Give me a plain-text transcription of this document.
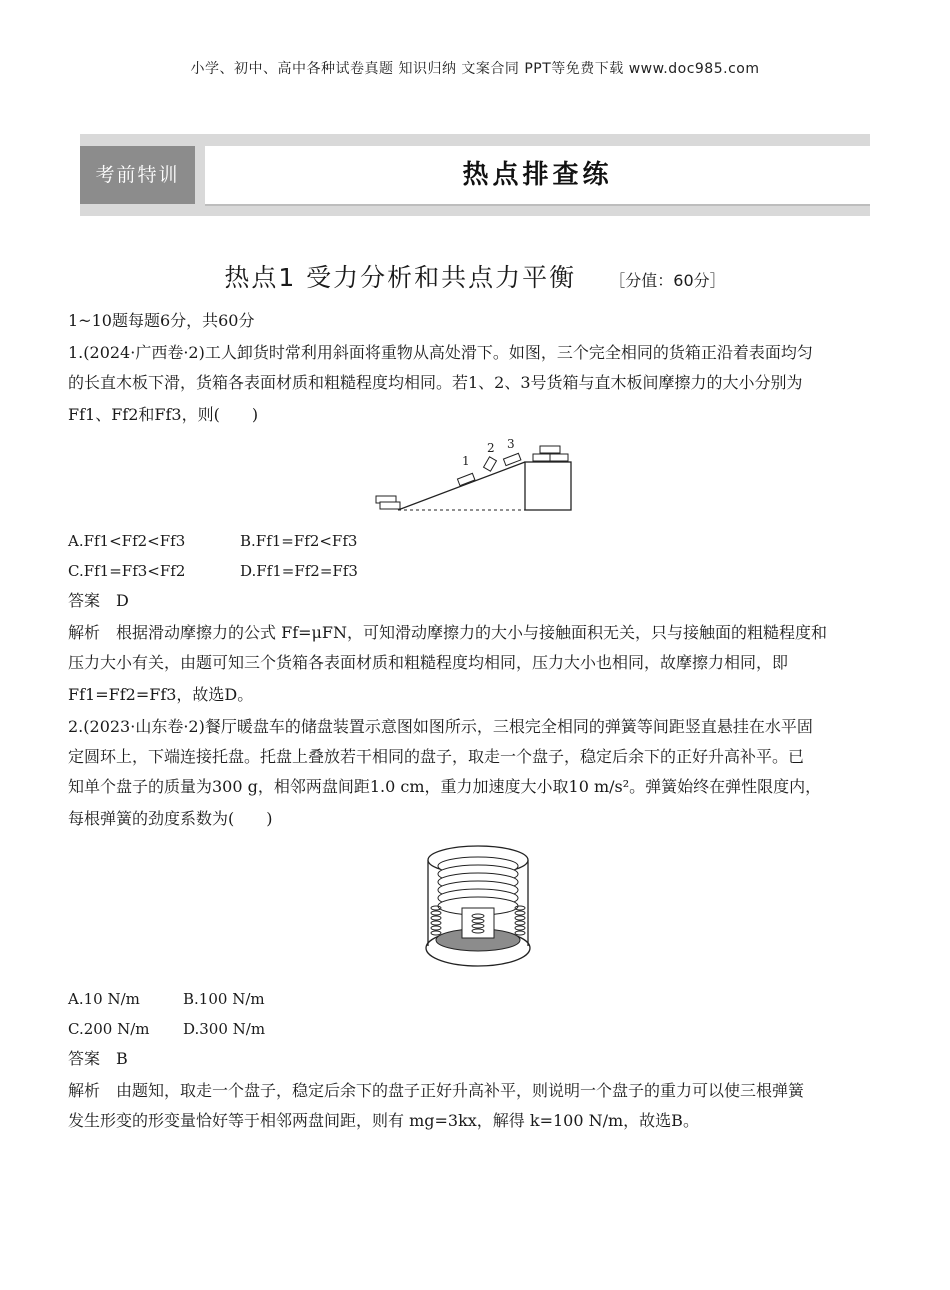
小学、初中、高中各种试卷真题 知识归纳 文案合同 PPT等免费下载 www.doc985.com
考前特训	热点排查练
热点1 受力分析和共点力平衡 ［分值：60分］
1~10题每题6分，共60分
1.(2024·广西卷·2)工人卸货时常利用斜面将重物从高处滑下。如图，三个完全相同的货箱正沿着表面均匀
的长直木板下滑，货箱各表面材质和粗糙程度均相同。若1、2、3号货箱与直木板间摩擦力的大小分别为
Ff1、Ff2和Ff3，则(　　)
1
2 3
A.Ff1<Ff2<Ff3	B.Ff1=Ff2<Ff3
C.Ff1=Ff3<Ff2	D.Ff1=Ff2=Ff3
答案　D
解析　根据滑动摩擦力的公式 Ff=μFN，可知滑动摩擦力的大小与接触面积无关，只与接触面的粗糙程度和
压力大小有关，由题可知三个货箱各表面材质和粗糙程度均相同，压力大小也相同，故摩擦力相同，即
Ff1=Ff2=Ff3，故选D。
2.(2023·山东卷·2)餐厅暖盘车的储盘装置示意图如图所示，三根完全相同的弹簧等间距竖直悬挂在水平固
定圆环上，下端连接托盘。托盘上叠放若干相同的盘子，取走一个盘子，稳定后余下的正好升高补平。已
知单个盘子的质量为300 g，相邻两盘间距1.0 cm，重力加速度大小取10 m/s²。弹簧始终在弹性限度内，
每根弹簧的劲度系数为(　　)
A.10 N/m	B.100 N/m
C.200 N/m	D.300 N/m
答案　B
解析　由题知，取走一个盘子，稳定后余下的盘子正好升高补平，则说明一个盘子的重力可以使三根弹簧
发生形变的形变量恰好等于相邻两盘间距，则有 mg=3kx，解得 k=100 N/m，故选B。
